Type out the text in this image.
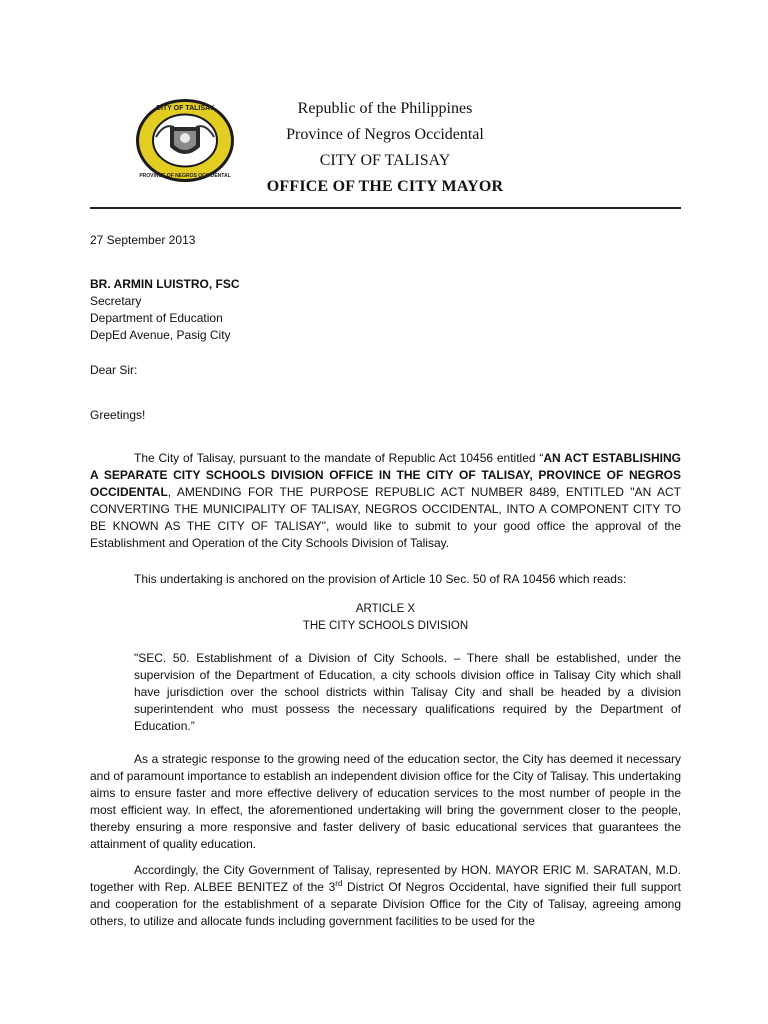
CITY OF TALISAY
PROVINCE OF NEGROS OCCIDENTAL
Republic of the Philippines
Province of Negros Occidental
CITY OF TALISAY
OFFICE OF THE CITY MAYOR
27 September 2013
BR. ARMIN LUISTRO, FSC
Secretary
Department of Education
DepEd Avenue, Pasig City
Dear Sir:
Greetings!
The City of Talisay, pursuant to the mandate of Republic Act 10456 entitled “AN ACT ESTABLISHING A SEPARATE CITY SCHOOLS DIVISION OFFICE IN THE CITY OF TALISAY, PROVINCE OF NEGROS OCCIDENTAL, AMENDING FOR THE PURPOSE REPUBLIC ACT NUMBER 8489, ENTITLED "AN ACT CONVERTING THE MUNICIPALITY OF TALISAY, NEGROS OCCIDENTAL, INTO A COMPONENT CITY TO BE KNOWN AS THE CITY OF TALISAY", would like to submit to your good office the approval of the Establishment and Operation of the City Schools Division of Talisay.
This undertaking is anchored on the provision of Article 10 Sec. 50 of RA 10456 which reads:
ARTICLE X
THE CITY SCHOOLS DIVISION
"SEC. 50. Establishment of a Division of City Schools. – There shall be established, under the supervision of the Department of Education, a city schools division office in Talisay City which shall have jurisdiction over the school districts within Talisay City and shall be headed by a division superintendent who must possess the necessary qualifications required by the Department of Education.”
As a strategic response to the growing need of the education sector, the City has deemed it necessary and of paramount importance to establish an independent division office for the City of Talisay. This undertaking aims to ensure faster and more effective delivery of education services to the most number of people in the most efficient way. In effect, the aforementioned undertaking will bring the government closer to the people, thereby ensuring a more responsive and faster delivery of basic educational services that guarantees the attainment of quality education.
Accordingly, the City Government of Talisay, represented by HON. MAYOR ERIC M. SARATAN, M.D. together with Rep. ALBEE BENITEZ of the 3rd District Of Negros Occidental, have signified their full support and cooperation for the establishment of a separate Division Office for the City of Talisay, agreeing among others, to utilize and allocate funds including government facilities to be used for the
